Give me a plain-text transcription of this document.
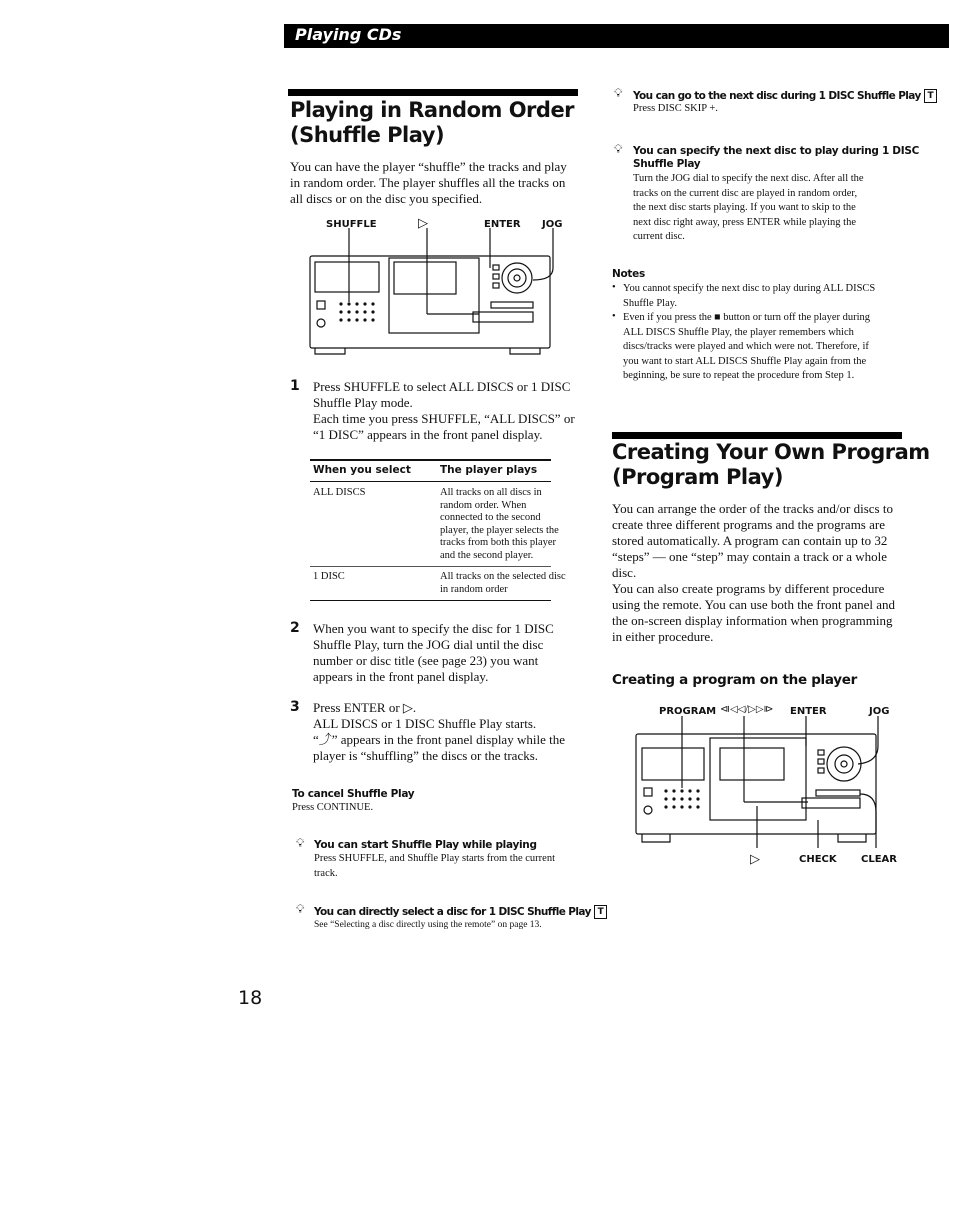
Playing CDs
Playing in Random Order
(Shuffle Play)
You can have the player “shuffle” the tracks and play
in random order. The player shuffles all the tracks on
all discs or on the disc you specified.
SHUFFLE	▷	ENTER JOG
1 Press SHUFFLE to select ALL DISCS or 1 DISC
Shuffle Play mode.
Each time you press SHUFFLE, “ALL DISCS” or
“1 DISC” appears in the front panel display.
When you select	The player plays
ALL DISCS	All tracks on all discs in
random order. When
connected to the second
player, the player selects the
tracks from both this player
and the second player.
1 DISC	All tracks on the selected disc
in random order
2 When you want to specify the disc for 1 DISC
Shuffle Play, turn the JOG dial until the disc
number or disc title (see page 23) you want
appears in the front panel display.
3 Press ENTER or ▷.
ALL DISCS or 1 DISC Shuffle Play starts.
“⤴” appears in the front panel display while the
player is “shuffling” the discs or the tracks.
To cancel Shuffle Play
Press CONTINUE.
💡︎ You can start Shuffle Play while playing
Press SHUFFLE, and Shuffle Play starts from the current
track.
💡︎ You can directly select a disc for 1 DISC Shuffle Play T
See “Selecting a disc directly using the remote” on page 13.
18
💡︎ You can go to the next disc during 1 DISC Shuffle Play T
Press DISC SKIP +.
💡︎ You can specify the next disc to play during 1 DISC
Shuffle Play
Turn the JOG dial to specify the next disc. After all the
tracks on the current disc are played in random order,
the next disc starts playing. If you want to skip to the
next disc right away, press ENTER while playing the
current disc.
Notes
• You cannot specify the next disc to play during ALL DISCS
Shuffle Play.
• Even if you press the ■ button or turn off the player during
ALL DISCS Shuffle Play, the player remembers which
discs/tracks were played and which were not. Therefore, if
you want to start ALL DISCS Shuffle Play again from the
beginning, be sure to repeat the procedure from Step 1.
Creating Your Own Program
(Program Play)
You can arrange the order of the tracks and/or discs to
create three different programs and the programs are
stored automatically. A program can contain up to 32
“steps” — one “step” may contain a track or a whole
disc.
You can also create programs by different procedure
using the remote. You can use both the front panel and
the on-screen display information when programming
in either procedure.
Creating a program on the player
PROGRAM ⧏◁◁/▷▷⧐ ENTER	JOG
▷	CHECK CLEAR
